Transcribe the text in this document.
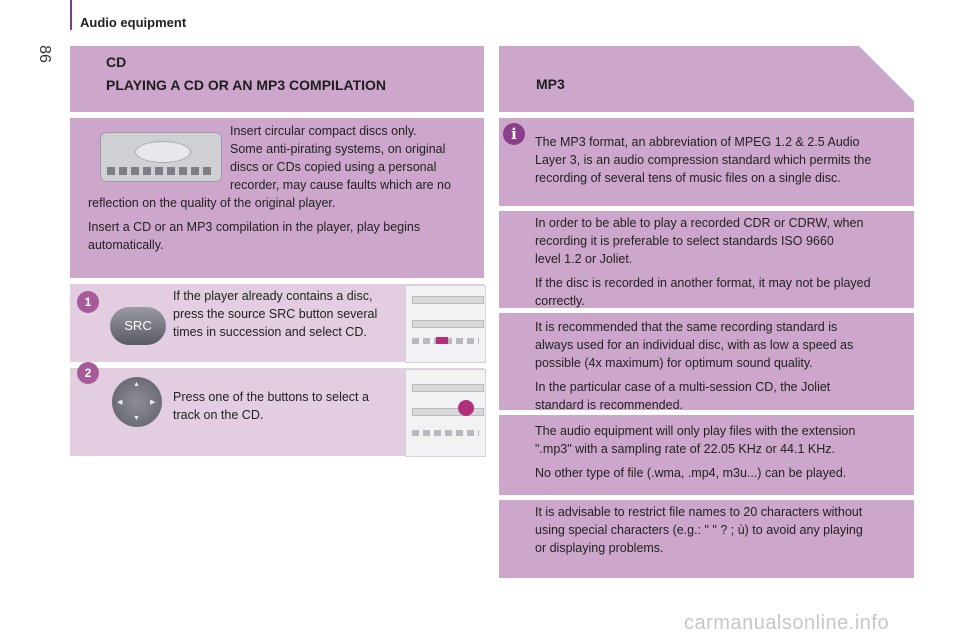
86
Audio equipment
CD
PLAYING A CD OR AN MP3 COMPILATION
Insert circular compact discs only.
Some anti-pirating systems, on original
discs or CDs copied using a personal
recorder, may cause faults which are no
reflection on the quality of the original player.
Insert a CD or an MP3 compilation in the player, play begins
automatically.
1
SRC
If the player already contains a disc,
press the source SRC button several
times in succession and select CD.
2
▲
▼
◀	▶ Press one of the buttons to select a
track on the CD.
MP3
i	The MP3 format, an abbreviation of MPEG 1.2 & 2.5 Audio
Layer 3, is an audio compression standard which permits the
recording of several tens of music files on a single disc.
In order to be able to play a recorded CDR or CDRW, when
recording it is preferable to select standards ISO 9660
level 1.2 or Joliet.
If the disc is recorded in another format, it may not be played
correctly.
It is recommended that the same recording standard is
always used for an individual disc, with as low a speed as
possible (4x maximum) for optimum sound quality.
In the particular case of a multi-session CD, the Joliet
standard is recommended.
The audio equipment will only play files with the extension
".mp3" with a sampling rate of 22.05 KHz or 44.1 KHz.
No other type of file (.wma, .mp4, m3u...) can be played.
It is advisable to restrict file names to 20 characters without
using special characters (e.g.: " " ? ; ù) to avoid any playing
or displaying problems.
carmanualsonline.info
